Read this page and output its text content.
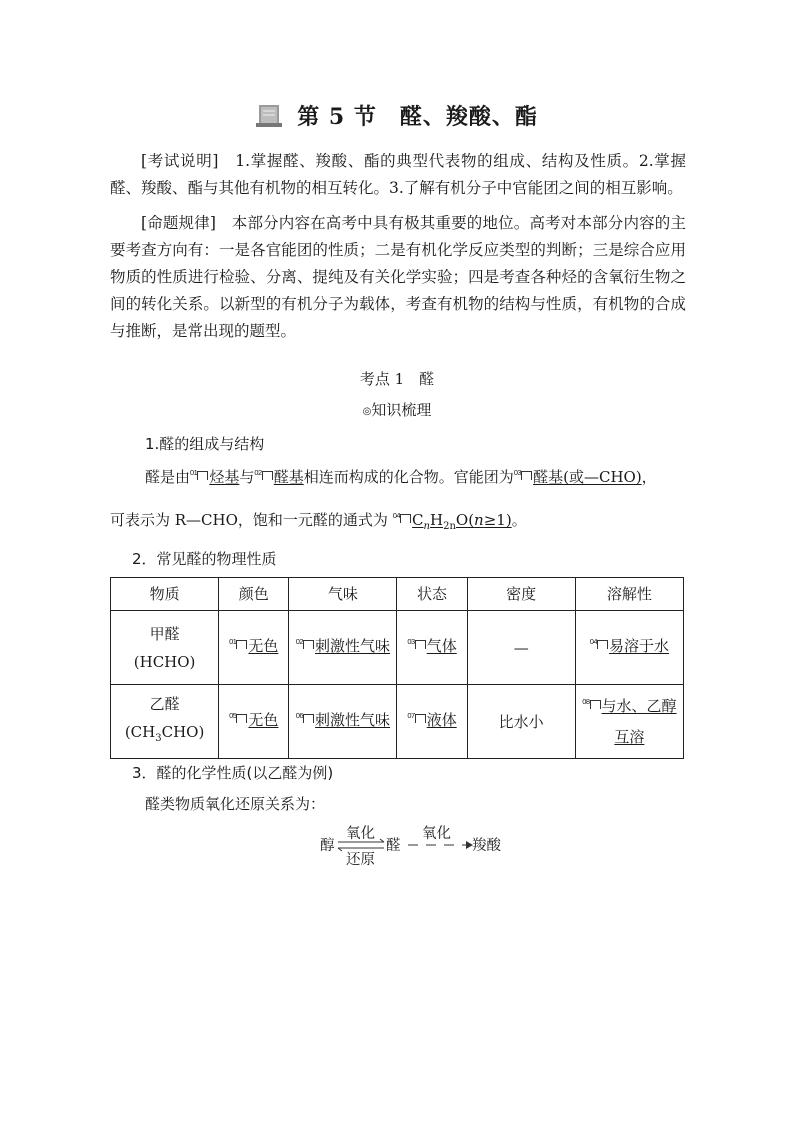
第 5 节　醛、羧酸、酯
[考试说明]　1.掌握醛、羧酸、酯的典型代表物的组成、结构及性质。2.掌握醛、羧酸、酯与其他有机物的相互转化。3.了解有机分子中官能团之间的相互影响。
[命题规律]　本部分内容在高考中具有极其重要的地位。高考对本部分内容的主要考查方向有：一是各官能团的性质；二是有机化学反应类型的判断；三是综合应用物质的性质进行检验、分离、提纯及有关化学实验；四是考查各种烃的含氧衍生物之间的转化关系。以新型的有机分子为载体，考查有机物的结构与性质，有机物的合成与推断，是常出现的题型。
考点 1　醛
◎知识梳理
1.醛的组成与结构
醛是由$^{01}$ 烃基与$^{02}$ 醛基相连而构成的化合物。官能团为$^{03}$ 醛基(或—CHO)，
可表示为 R—CHO，饱和一元醛的通式为 $^{04}$ $C_nH_{2n}O(n\ge 1)$。
2．常见醛的物理性质
物质	颜色	气味	状态	密度	溶解性

甲醛
(HCHO)	$^{01}$ 无色	$^{02}$ 刺激性气味	$^{03}$ 气体	—	$^{04}$ 易溶于水

乙醛
$(CH_3CHO)$	$^{05}$ 无色	$^{06}$ 刺激性气味	$^{07}$ 液体	比水小	$^{08}$ 与水、乙醇互溶
3．醛的化学性质(以乙醛为例)
醛类物质氧化还原关系为：
氧化
醇 ⇌
醛
还原
氧化
羧酸
